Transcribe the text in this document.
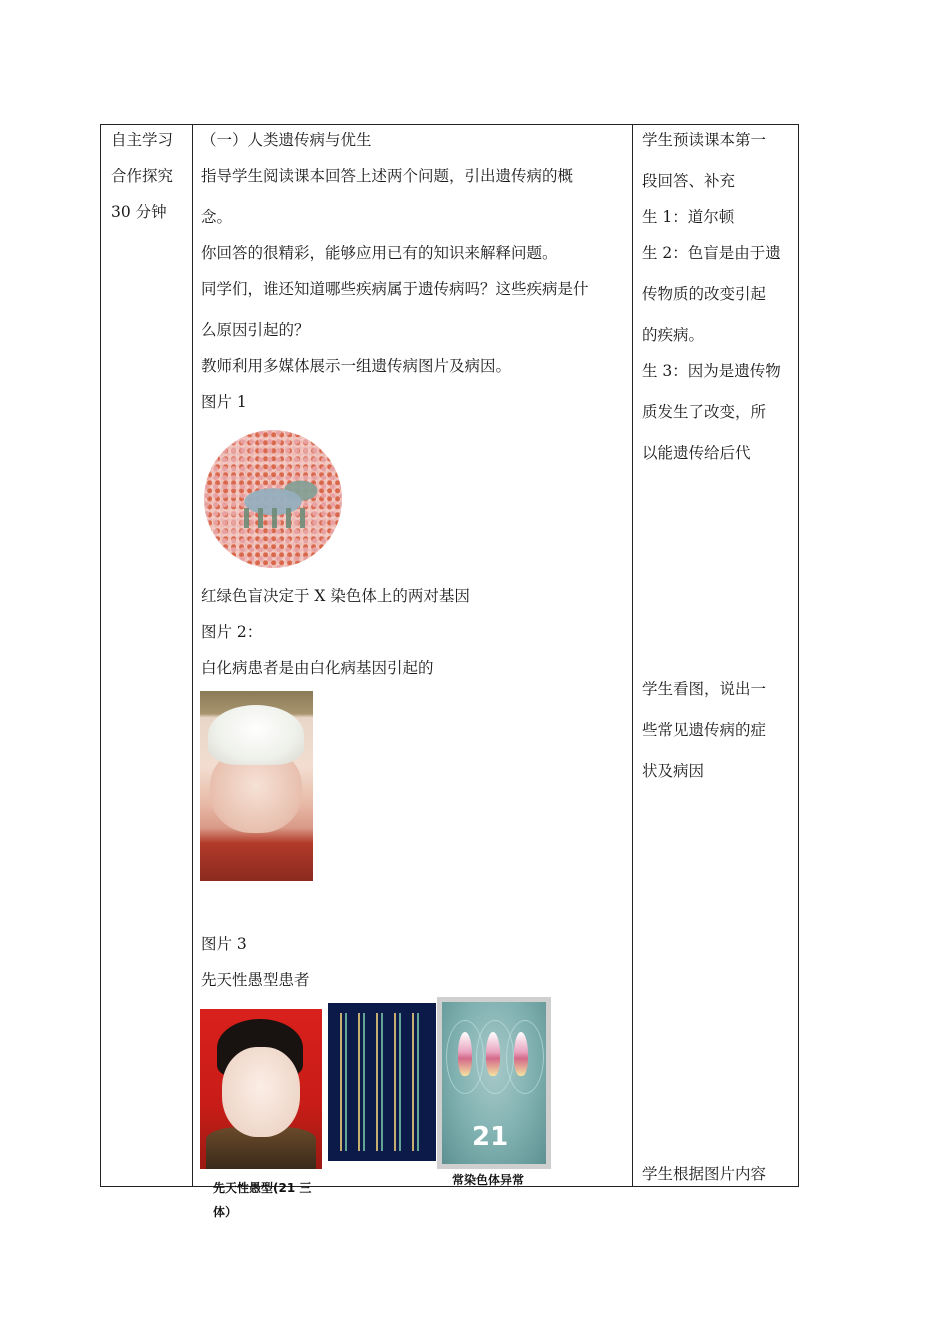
自主学习
合作探究
30 分钟
（一）人类遗传病与优生
指导学生阅读课本回答上述两个问题，引出遗传病的概
念。
你回答的很精彩，能够应用已有的知识来解释问题。
同学们，谁还知道哪些疾病属于遗传病吗？这些疾病是什
么原因引起的？
教师利用多媒体展示一组遗传病图片及病因。
图片 1
红绿色盲决定于 X 染色体上的两对基因
图片 2：
白化病患者是由白化病基因引起的
图片 3
先天性愚型患者
21
学生预读课本第一
段回答、补充
生 1：道尔顿
生 2：色盲是由于遗
传物质的改变引起
的疾病。
生 3：因为是遗传物
质发生了改变，所
以能遗传给后代
学生看图，说出一
些常见遗传病的症
状及病因
学生根据图片内容
先天性愚型(21 三
体）
常染色体异常
